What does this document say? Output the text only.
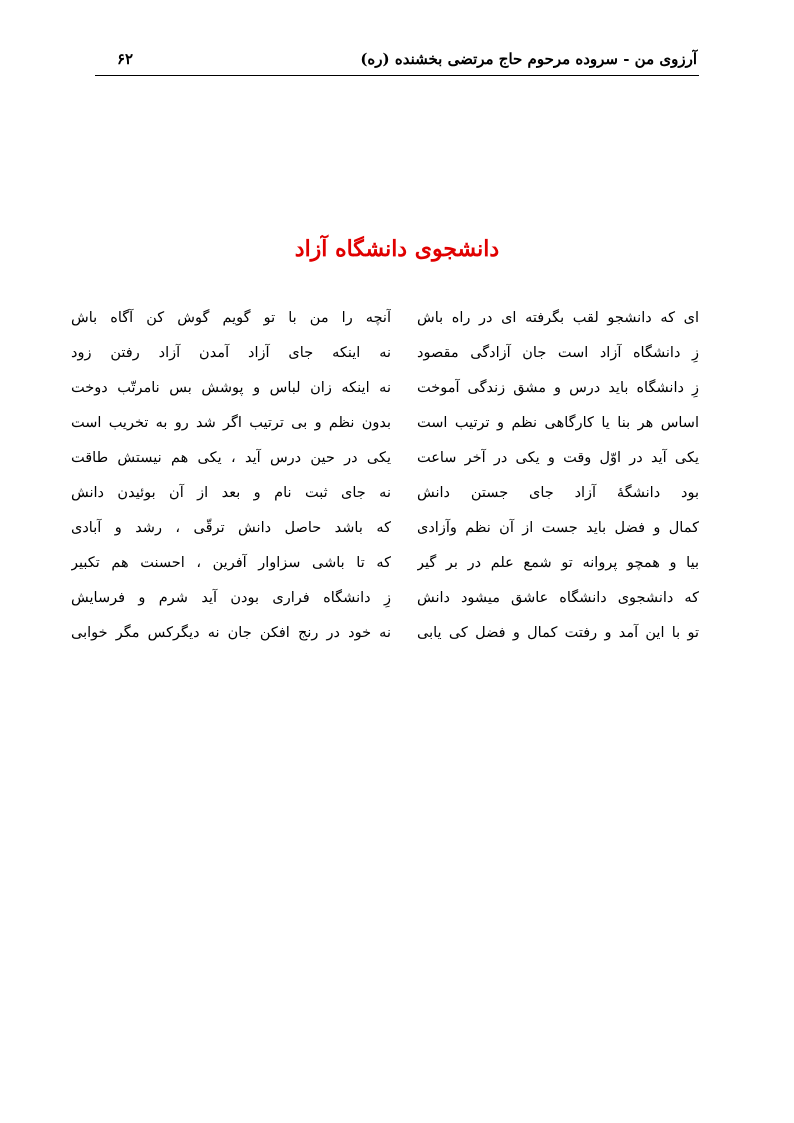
آرزوی من - سروده مرحوم حاج مرتضی بخشنده (ره)
۶۲
دانشجوی دانشگاه آزاد
ای که دانشجو لقب بگرفته ای در راه باش
آنچه را من با تو گویم گوش کن آگاه باش
زِ دانشگاه آزاد است جان آزادگی مقصود
نه اینکه جای آزاد آمدن آزاد رفتن زود
زِ دانشگاه باید درس و مشق زندگی آموخت
نه اینکه زان لباس و پوشش بس نامرتّب دوخت
اساس هر بنا یا کارگاهی نظم و ترتیب است
بدون نظم و بی ترتیب اگر شد رو به تخریب است
یکی آید در اوّل وقت و یکی در آخر ساعت
یکی در حین درس آید ، یکی هم نیستش طاقت
بود دانشگهٔ آزاد جای جستن دانش
نه جای ثبت نام و بعد از آن بوئیدن دانش
کمال و فضل باید جست از آن نظم وآزادی
که باشد حاصل دانش ترقّی ، رشد و آبادی
بیا و همچو پروانه تو شمع علم در بر گیر
که تا باشی سزاوار آفرین ، احسنت هم تکبیر
که دانشجوی دانشگاه عاشق میشود دانش
زِ دانشگاه فراری بودن آید شرم و فرسایش
تو با این آمد و رفتت کمال و فضل کی یابی
نه خود در رنج افکن جان نه دیگرکس مگر خوابی
